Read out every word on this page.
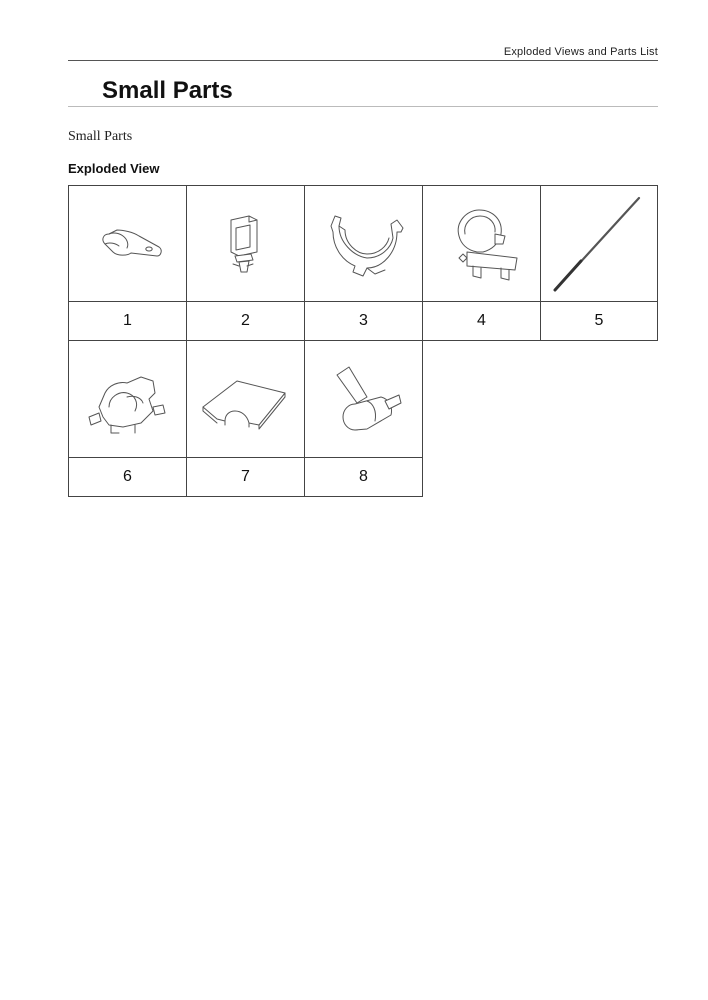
Exploded Views and Parts List
Small Parts
Small Parts
Exploded View
1	2	3	4	5
6	7	8
